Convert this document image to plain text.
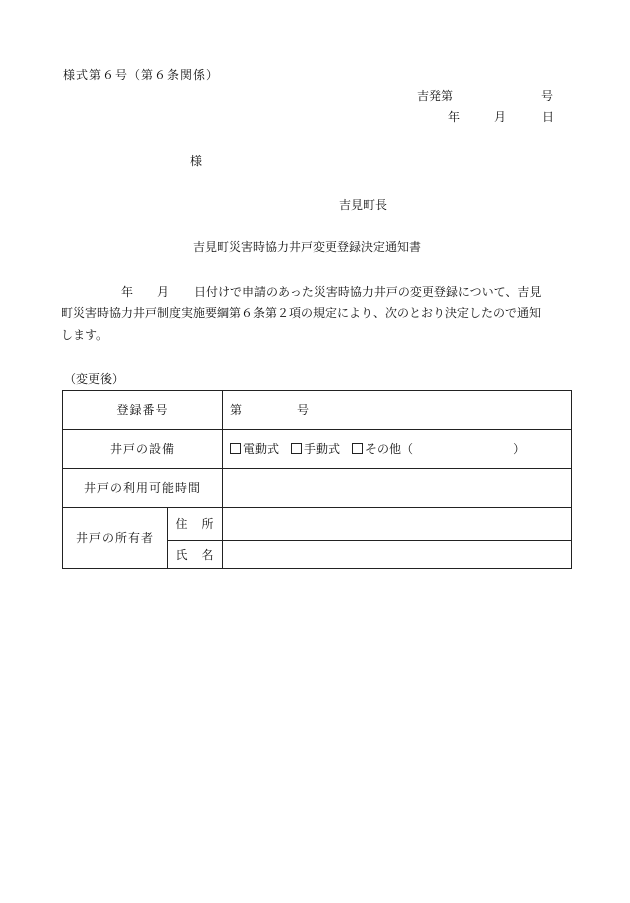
様式第６号（第６条関係）
吉発第	号
年	月	日
様
吉見町長
吉見町災害時協力井戸変更登録決定通知書
年 月 日付けで申請のあった災害時協力井戸の変更登録について、吉見
町災害時協力井戸制度実施要綱第６条第２項の規定により、次のとおり決定したので通知
します。
（変更後）
登録番号		第 号
井戸の設備		電動式 手動式 その他（ ）
井戸の利用可能時間		
井戸の所有者	住　所	
	氏　名	
